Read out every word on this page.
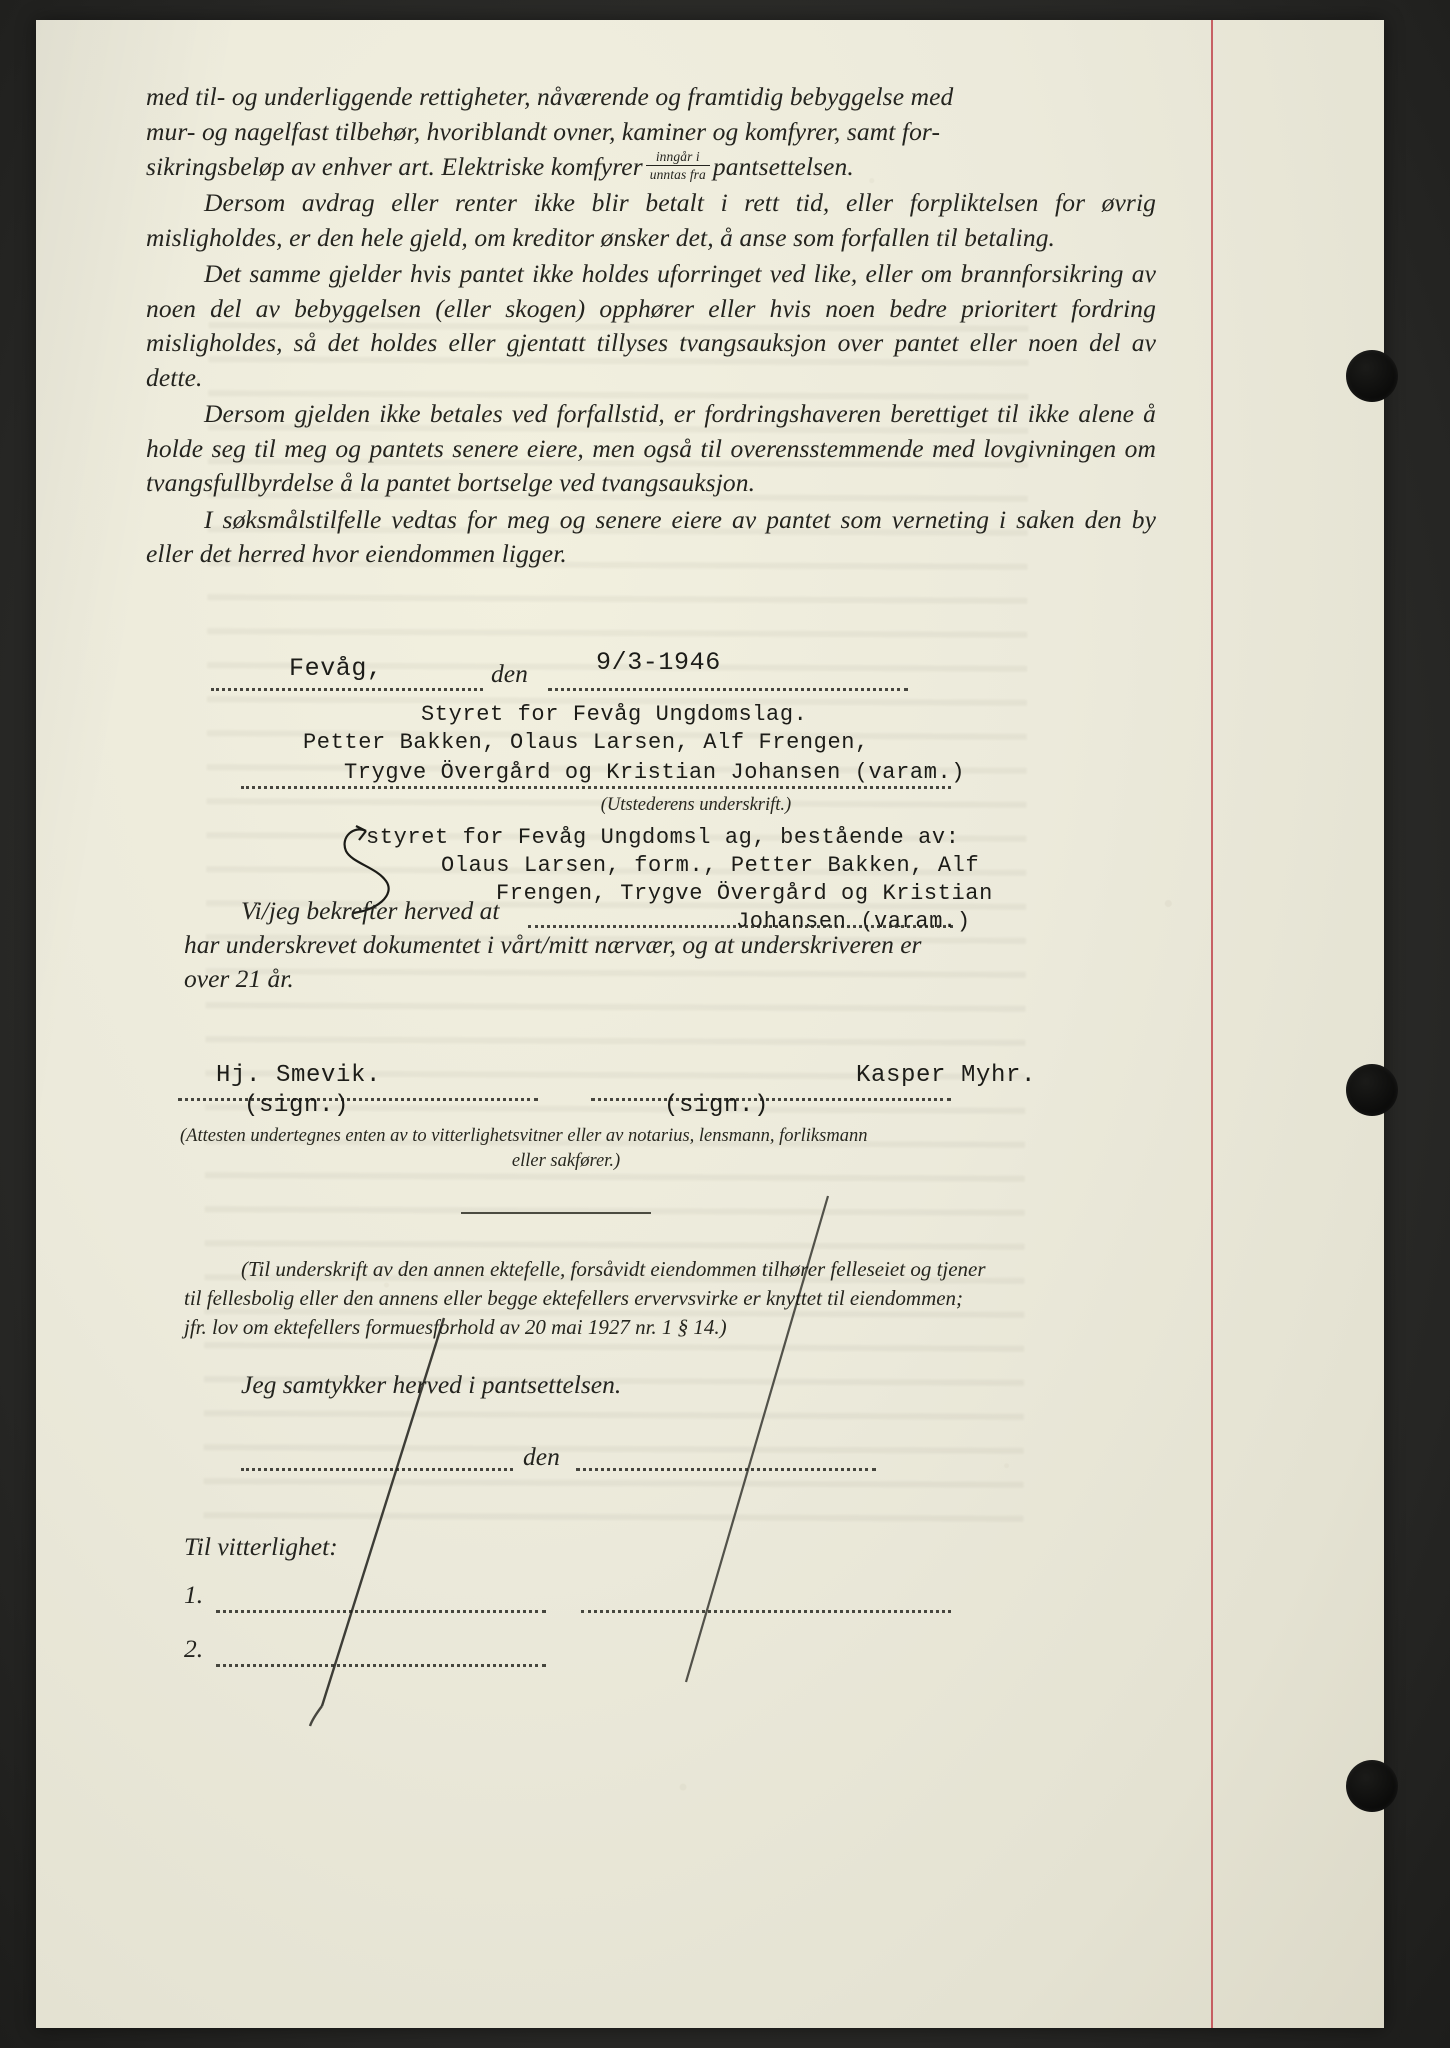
med til- og underliggende rettigheter, nåværende og framtidig bebyggelse med
mur- og nagelfast tilbehør, hvoriblandt ovner, kaminer og komfyrer, samt for-
sikringsbeløp av enhver art. Elektriske komfyrer $\frac{\text{inngår i}}{\text{unntas fra}}$ pantsettelsen.

Dersom avdrag eller renter ikke blir betalt i rett tid, eller forpliktelsen for øvrig misligholdes, er den hele gjeld, om kreditor ønsker det, å anse som forfallen til betaling.

Det samme gjelder hvis pantet ikke holdes uforringet ved like, eller om brannforsikring av noen del av bebyggelsen (eller skogen) opphører eller hvis noen bedre prioritert fordring misligholdes, så det holdes eller gjentatt tillyses tvangsauksjon over pantet eller noen del av dette.

Dersom gjelden ikke betales ved forfallstid, er fordringshaveren berettiget til ikke alene å holde seg til meg og pantets senere eiere, men også til overensstemmende med lovgivningen om tvangsfullbyrdelse å la pantet bortselge ved tvangsauksjon.

I søksmålstilfelle vedtas for meg og senere eiere av pantet som verneting i saken den by eller det herred hvor eiendommen ligger.

den
Fevåg,	9/3-1946
Styret for Fevåg Ungdomslag.
Petter Bakken, Olaus Larsen, Alf Frengen,
Trygve Övergård og Kristian Johansen (varam.)
(Utstederens underskrift.)
styret for Fevåg Ungdomsl ag, bestående av:
Olaus Larsen, form., Petter Bakken, Alf
Frengen, Trygve Övergård og Kristian
Johansen (varam.)
Vi/jeg bekrefter herved at
har underskrevet dokumentet i vårt/mitt nærvær, og at underskriveren er
over 21 år.
Hj. Smevik.
(sign.)
Kasper Myhr.
(sign.)
(Attesten undertegnes enten av to vitterlighetsvitner eller av notarius, lensmann, forliksmann
eller sakfører.)
(Til underskrift av den annen ektefelle, forsåvidt eiendommen tilhører felleseiet og tjener
til fellesbolig eller den annens eller begge ektefellers ervervsvirke er knyttet til eiendommen;
jfr. lov om ektefellers formuesforhold av 20 mai 1927 nr. 1 § 14.)
Jeg samtykker herved i pantsettelsen.
den
Til vitterlighet:
1.
2.
